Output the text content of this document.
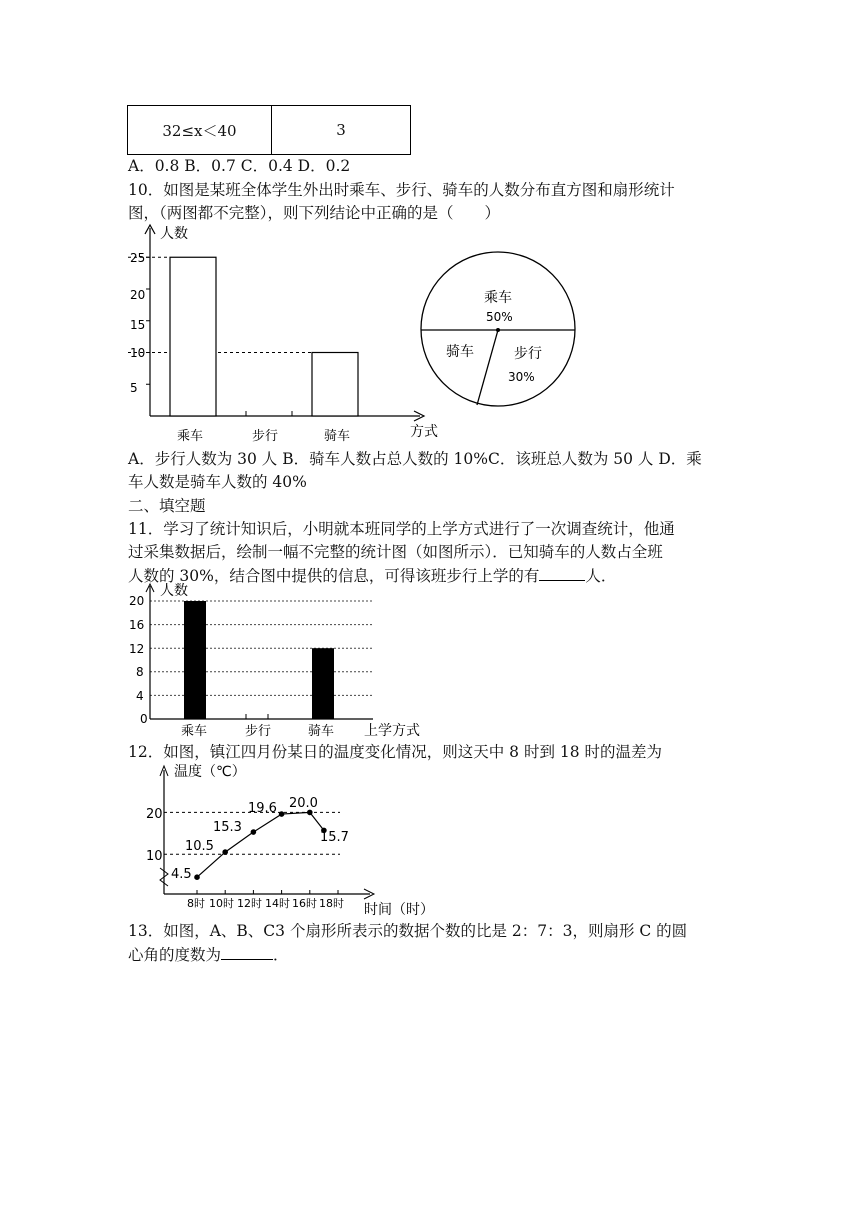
32≤x＜40	3
A．0.8 B．0.7 C．0.4 D．0.2
10．如图是某班全体学生外出时乘车、步行、骑车的人数分布直方图和扇形统计
图，（两图都不完整），则下列结论中正确的是（　　）
人数
方式
乘车	步行	骑车
5
10
15
20
25
乘车
50%
步行
30%
骑车
A．步行人数为 30 人 B．骑车人数占总人数的 10%C．该班总人数为 50 人 D．乘
车人数是骑车人数的 40%
二、填空题
11．学习了统计知识后，小明就本班同学的上学方式进行了一次调查统计，他通
过采集数据后，绘制一幅不完整的统计图（如图所示）．已知骑车的人数占全班
人数的 30%，结合图中提供的信息，可得该班步行上学的有	人．
人数
上学方式
乘车	步行	骑车
0
4
8
12
16
20
12．如图，镇江四月份某日的温度变化情况，则这天中 8 时到 18 时的温差为
温度（℃）
时间（时）
20
10
8时 10时 12时 14时 16时 18时
4.5
10.5
15.3
19.6 20.0
15.7
13．如图，A、B、C3 个扇形所表示的数据个数的比是 2：7：3，则扇形 C 的圆
心角的度数为	．
